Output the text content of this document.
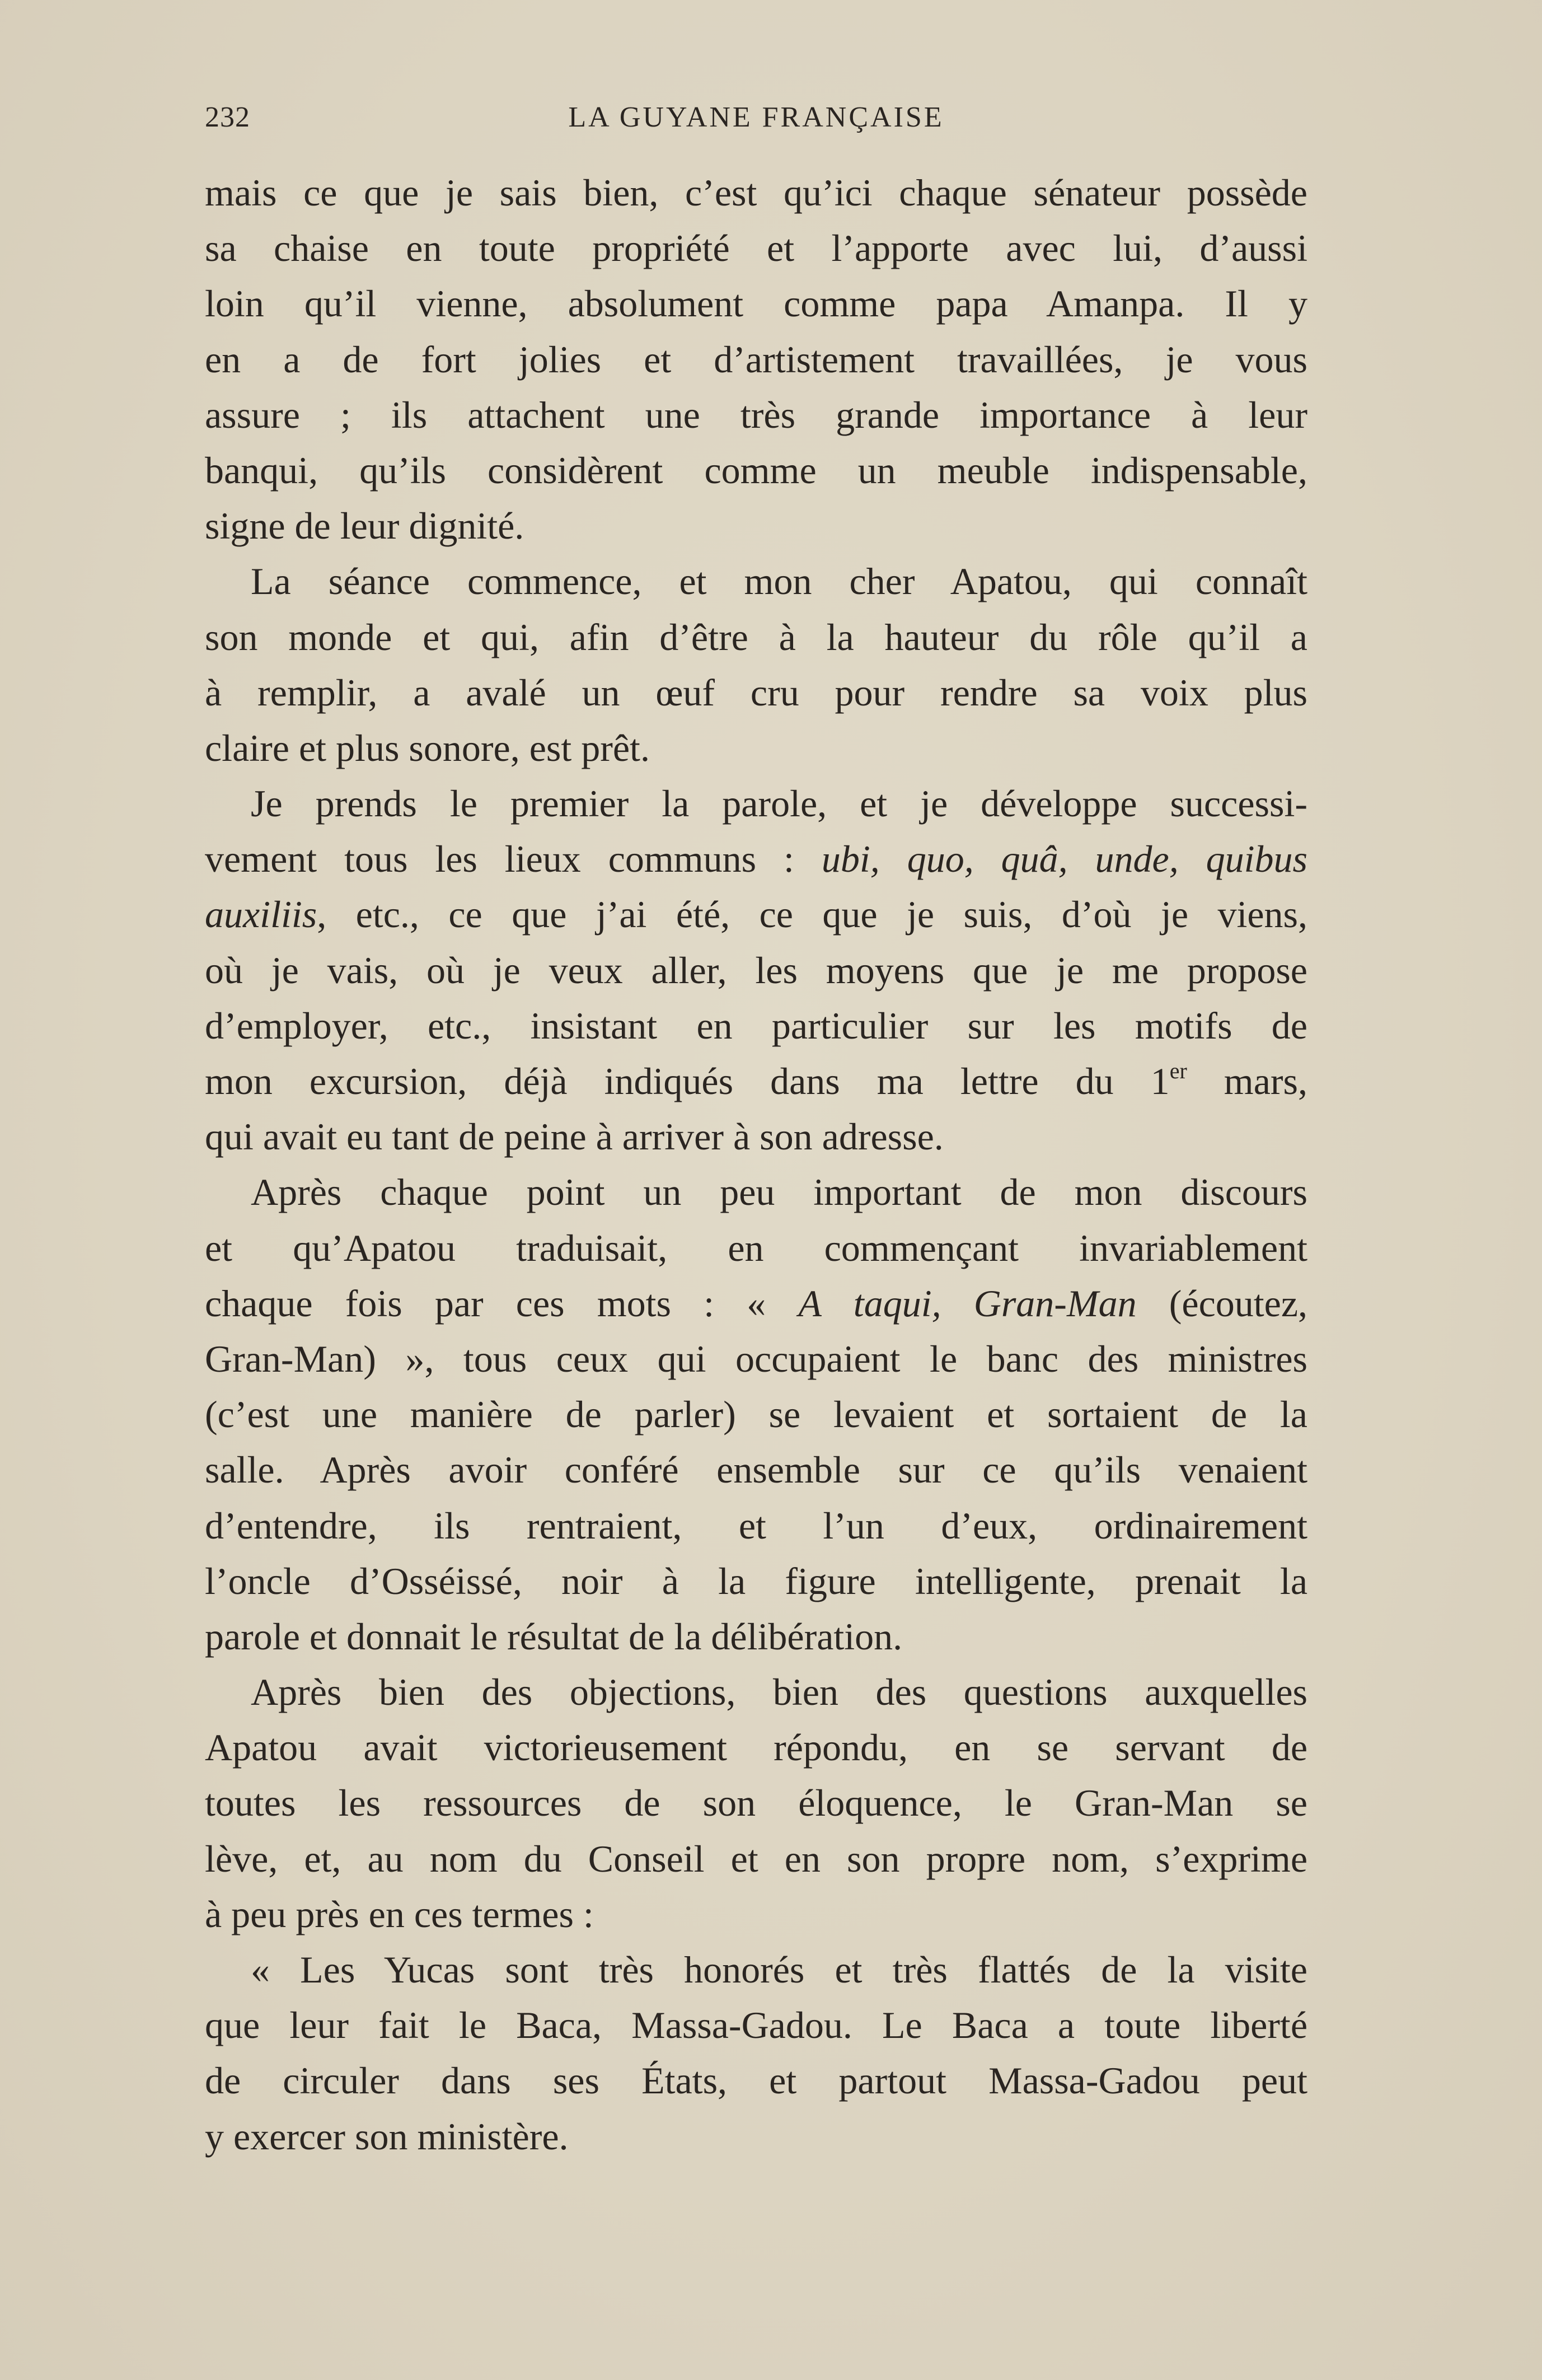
232	LA GUYANE FRANÇAISE
mais ce que je sais bien, c’est qu’ici chaque sénateur possède
sa chaise en toute propriété et l’apporte avec lui, d’aussi
loin qu’il vienne, absolument comme papa Amanpa. Il y
en a de fort jolies et d’artistement travaillées, je vous
assure ; ils attachent une très grande importance à leur
banqui, qu’ils considèrent comme un meuble indispensable,
signe de leur dignité.
La séance commence, et mon cher Apatou, qui connaît
son monde et qui, afin d’être à la hauteur du rôle qu’il a
à remplir, a avalé un œuf cru pour rendre sa voix plus
claire et plus sonore, est prêt.
Je prends le premier la parole, et je développe successi-
vement tous les lieux communs : ubi, quo, quâ, unde, quibus
auxiliis, etc., ce que j’ai été, ce que je suis, d’où je viens,
où je vais, où je veux aller, les moyens que je me propose
d’employer, etc., insistant en particulier sur les motifs de
mon excursion, déjà indiqués dans ma lettre du 1er mars,
qui avait eu tant de peine à arriver à son adresse.
Après chaque point un peu important de mon discours
et qu’Apatou traduisait, en commençant invariablement
chaque fois par ces mots : « A taqui, Gran-Man (écoutez,
Gran-Man) », tous ceux qui occupaient le banc des ministres
(c’est une manière de parler) se levaient et sortaient de la
salle. Après avoir conféré ensemble sur ce qu’ils venaient
d’entendre, ils rentraient, et l’un d’eux, ordinairement
l’oncle d’Osséissé, noir à la figure intelligente, prenait la
parole et donnait le résultat de la délibération.
Après bien des objections, bien des questions auxquelles
Apatou avait victorieusement répondu, en se servant de
toutes les ressources de son éloquence, le Gran-Man se
lève, et, au nom du Conseil et en son propre nom, s’exprime
à peu près en ces termes :
« Les Yucas sont très honorés et très flattés de la visite
que leur fait le Baca, Massa-Gadou. Le Baca a toute liberté
de circuler dans ses États, et partout Massa-Gadou peut
y exercer son ministère.
